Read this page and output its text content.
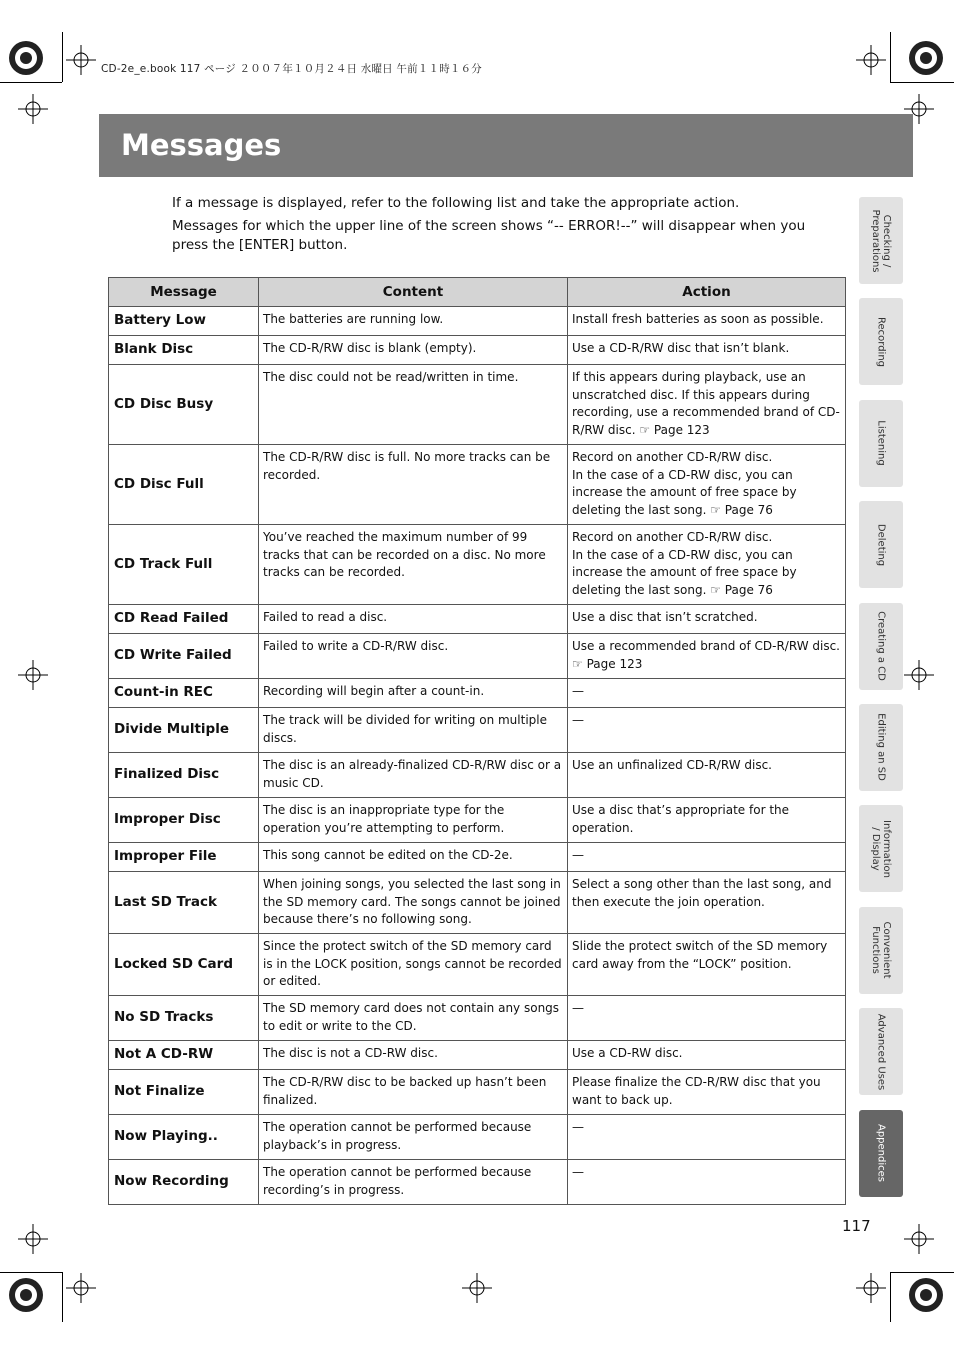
CD-2e_e.book 117 ページ ２００７年１０月２４日 水曜日 午前１１時１６分
Messages

If a message is displayed, refer to the following list and take the appropriate action.

Messages for which the upper line of the screen shows “-- ERROR!--” will disappear when you press the [ENTER] button.

Message	Content	Action
Battery Low	The batteries are running low.	Install fresh batteries as soon as possible.
Blank Disc	The CD-R/RW disc is blank (empty).	Use a CD-R/RW disc that isn’t blank.
CD Disc Busy	The disc could not be read/written in time.	If this appears during playback, use an unscratched disc. If this appears during recording, use a recommended brand of CD-R/RW disc. ☞ Page 123
CD Disc Full	The CD-R/RW disc is full. No more tracks can be recorded.	Record on another CD-R/RW disc.
In the case of a CD-RW disc, you can increase the amount of free space by deleting the last song. ☞ Page 76
CD Track Full	You’ve reached the maximum number of 99 tracks that can be recorded on a disc. No more tracks can be recorded.	Record on another CD-R/RW disc.
In the case of a CD-RW disc, you can increase the amount of free space by deleting the last song. ☞ Page 76
CD Read Failed	Failed to read a disc.	Use a disc that isn’t scratched.
CD Write Failed	Failed to write a CD-R/RW disc.	Use a recommended brand of CD-R/RW disc. ☞ Page 123
Count-in REC	Recording will begin after a count-in.	—
Divide Multiple	The track will be divided for writing on multiple discs.	—
Finalized Disc	The disc is an already-finalized CD-R/RW disc or a music CD.	Use an unfinalized CD-R/RW disc.
Improper Disc	The disc is an inappropriate type for the operation you’re attempting to perform.	Use a disc that’s appropriate for the operation.
Improper File	This song cannot be edited on the CD-2e.	—
Last SD Track	When joining songs, you selected the last song in the SD memory card. The songs cannot be joined because there’s no following song.	Select a song other than the last song, and then execute the join operation.
Locked SD Card	Since the protect switch of the SD memory card is in the LOCK position, songs cannot be recorded or edited.	Slide the protect switch of the SD memory card away from the “LOCK” position.
No SD Tracks	The SD memory card does not contain any songs to edit or write to the CD.	—
Not A CD-RW	The disc is not a CD-RW disc.	Use a CD-RW disc.
Not Finalize	The CD-R/RW disc to be backed up hasn’t been finalized.	Please finalize the CD-R/RW disc that you want to back up.
Now Playing..	The operation cannot be performed because playback’s in progress.	—
Now Recording	The operation cannot be performed because recording’s in progress.	—
Checking /
Preparations
Recording
Listening
Deleting
Creating a CD
Editing an SD
Information
/ Display
Convenient
Functions
Advanced Uses
Appendices
117
